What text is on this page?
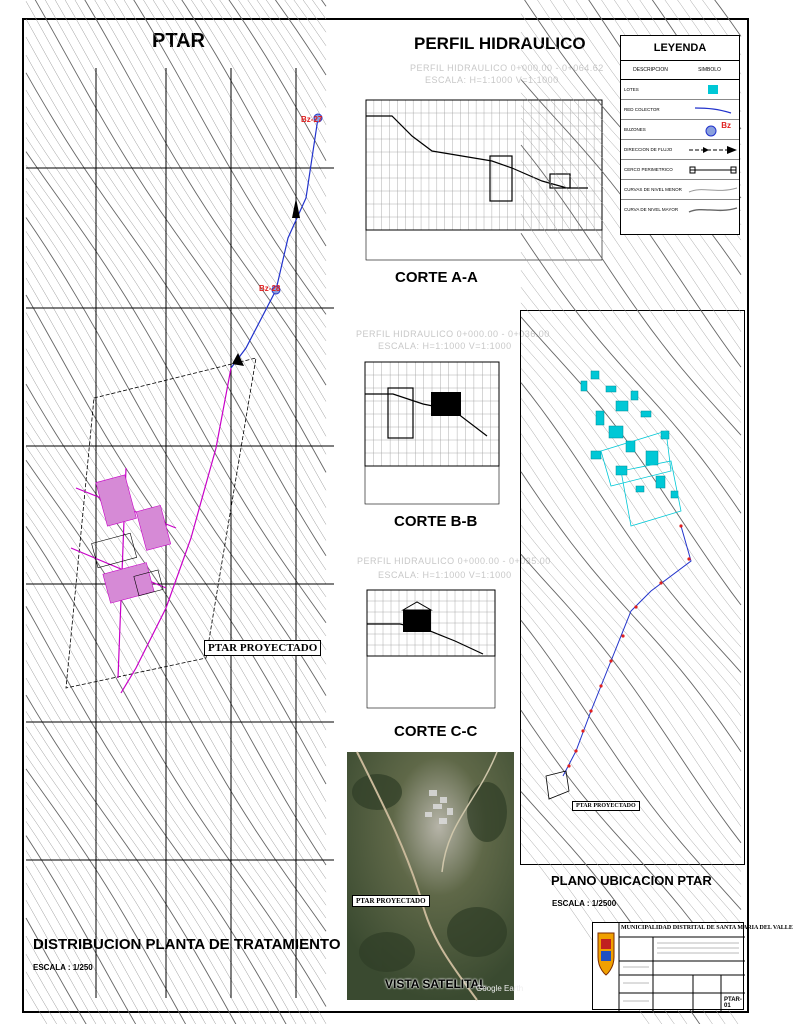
PTAR	PERFIL HIDRAULICO
PERFIL HIDRAULICO 0+000.00 - 0+064.62
ESCALA: H=1:1000 V=1:1000
Bz-27
Bz-28
PTAR PROYECTADO
DISTRIBUCION PLANTA DE TRATAMIENTO
ESCALA : 1/250
CORTE A-A
PERFIL HIDRAULICO 0+000.00 - 0+036.00
ESCALA: H=1:1000 V=1:1000
CORTE B-B
PERFIL HIDRAULICO 0+000.00 - 0+035.00
ESCALA: H=1:1000 V=1:1000
CORTE C-C
PTAR PROYECTADO
VISTA SATELITAL
Google Earth
PTAR PROYECTADO
PLANO UBICACION PTAR
ESCALA : 1/2500
LEYENDA
DESCRIPCION	SIMBOLO
LOTES
RED COLECTOR
BUZONES	Bz
DIRECCION DE FLUJO
CERCO PERIMETRICO
CURVAS DE NIVEL MENOR
CURVA DE NIVEL MAYOR
MUNICIPALIDAD DISTRITAL DE SANTA MARIA DEL VALLE
PTAR-01
